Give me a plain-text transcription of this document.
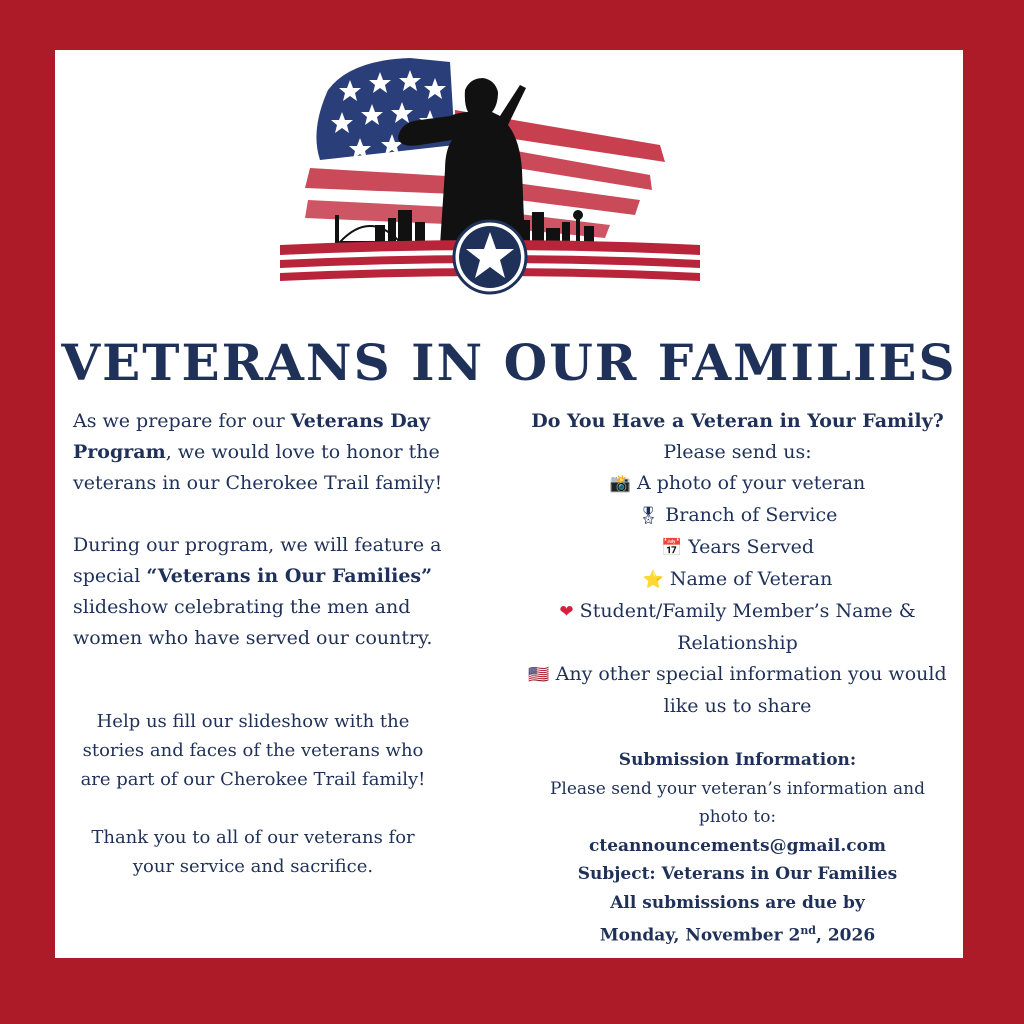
VETERANS IN OUR FAMILIES

As we prepare for our Veterans Day Program, we would love to honor the veterans in our Cherokee Trail family!

During our program, we will feature a special “Veterans in Our Families” slideshow celebrating the men and women who have served our country.

Help us fill our slideshow with the stories and faces of the veterans who are part of our Cherokee Trail family!

Thank you to all of our veterans for your service and sacrifice.

Do You Have a Veteran in Your Family?
Please send us:
📸 A photo of your veteran
🎖 Branch of Service
📅 Years Served
⭐ Name of Veteran
❤ Student/Family Member’s Name & Relationship
🇺🇸 Any other special information you would like us to share
Submission Information:
Please send your veteran’s information and photo to:
cteannouncements@gmail.com
Subject: Veterans in Our Families
All submissions are due by
Monday, November 2nd, 2026
